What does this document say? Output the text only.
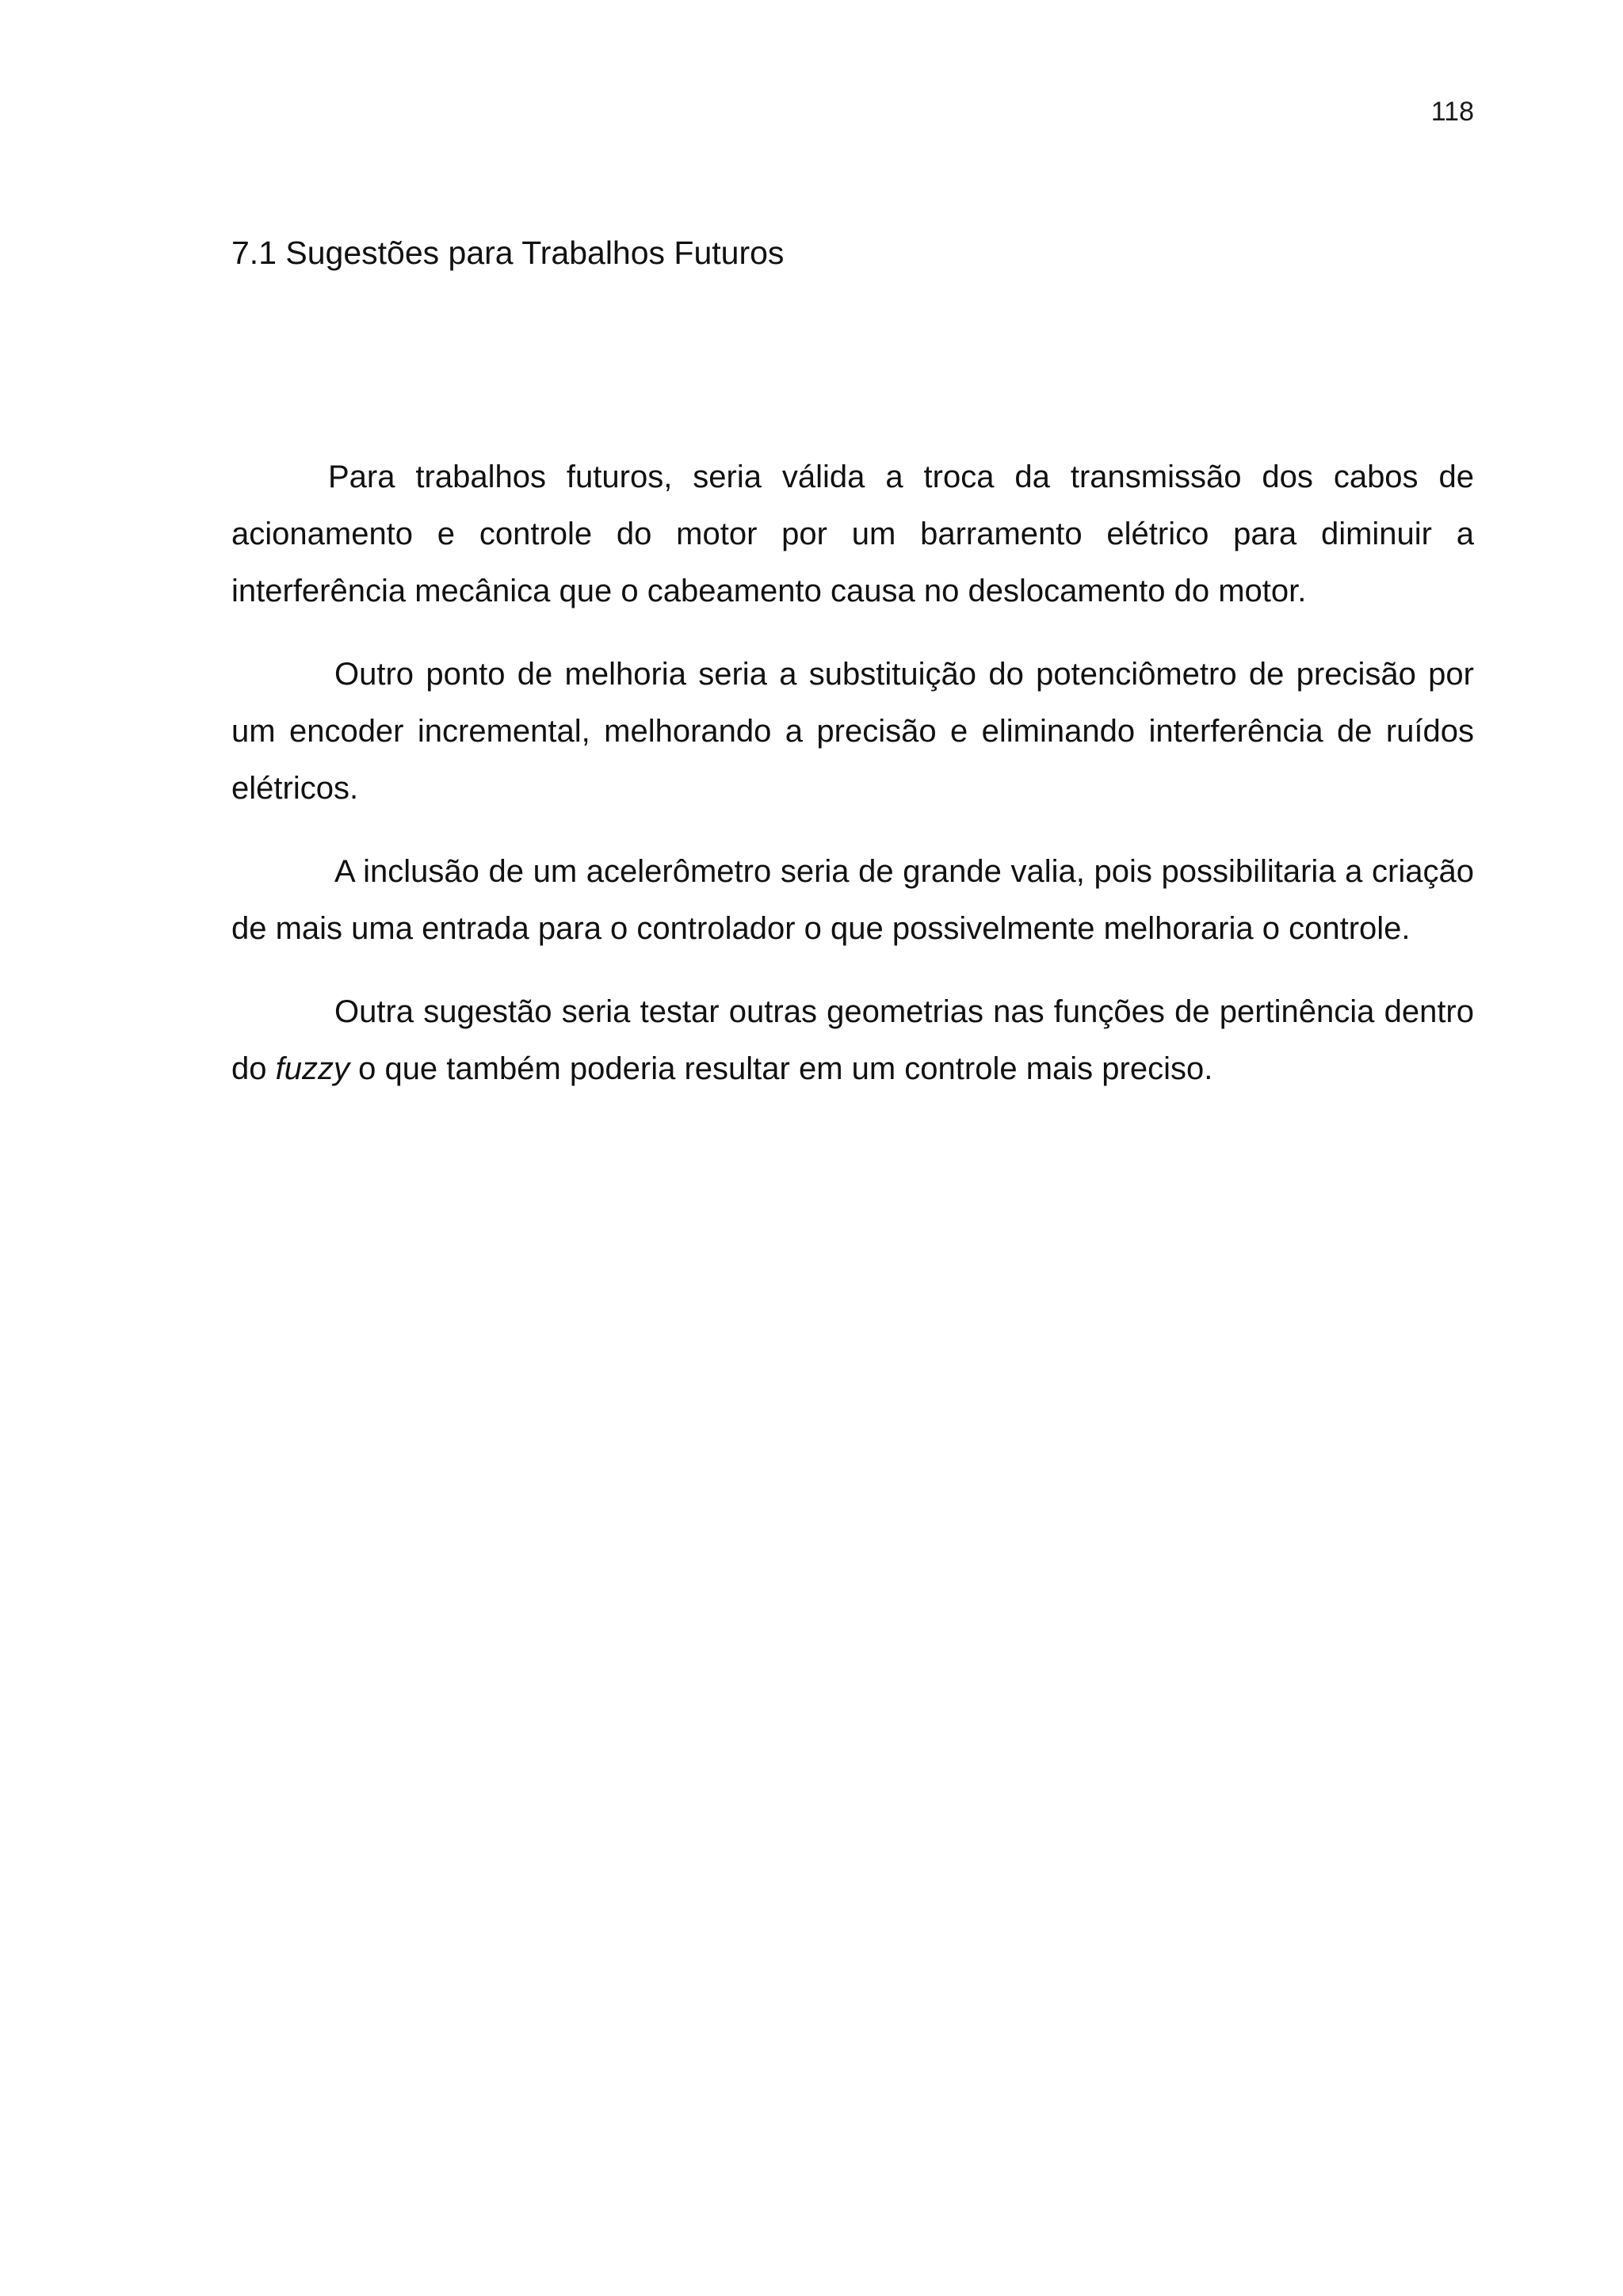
118
7.1 Sugestões para Trabalhos Futuros

Para trabalhos futuros, seria válida a troca da transmissão dos cabos de acionamento e controle do motor por um barramento elétrico para diminuir a interferência mecânica que o cabeamento causa no deslocamento do motor.

Outro ponto de melhoria seria a substituição do potenciômetro de precisão por um encoder incremental, melhorando a precisão e eliminando interferência de ruídos elétricos.

A inclusão de um acelerômetro seria de grande valia, pois possibilitaria a criação de mais uma entrada para o controlador o que possivelmente melhoraria o controle.

Outra sugestão seria testar outras geometrias nas funções de pertinência dentro do fuzzy o que também poderia resultar em um controle mais preciso.
